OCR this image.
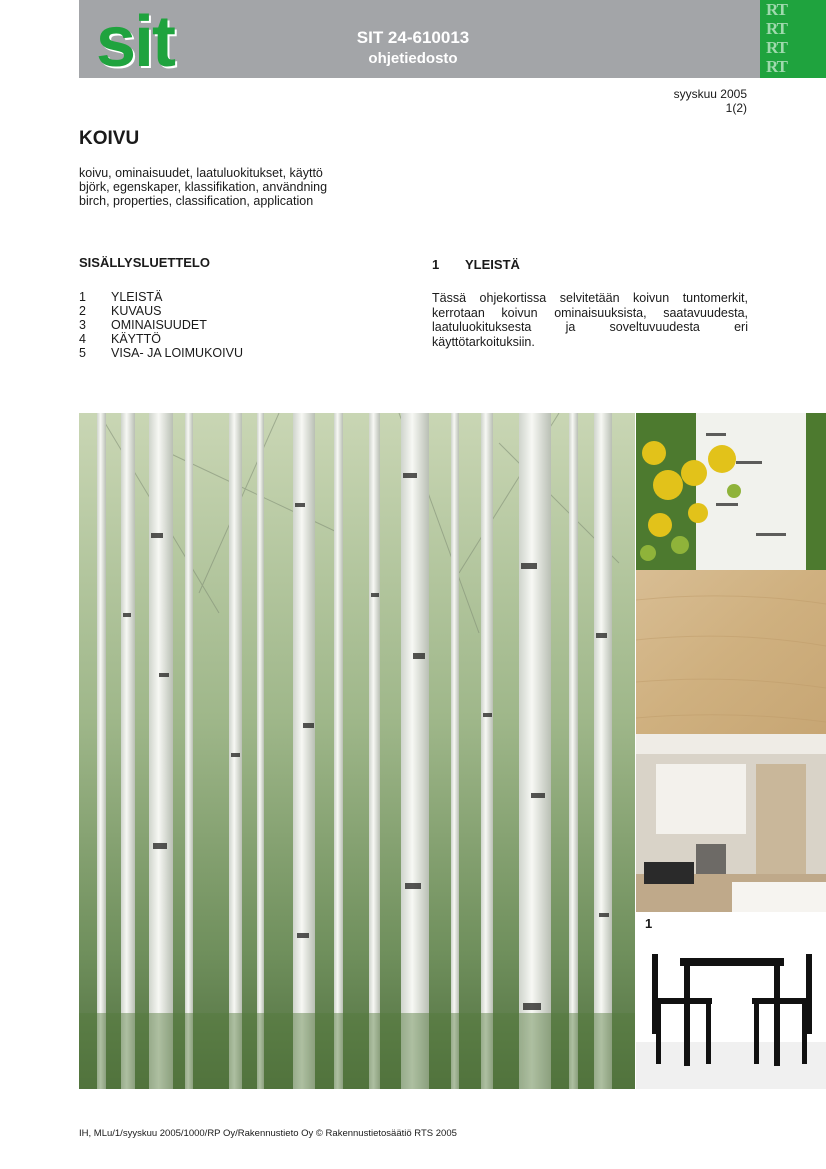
sit	SIT 24-610013
ohjetiedosto
RT
RT
RT
RT
syyskuu 2005
1(2)
KOIVU
koivu, ominaisuudet, laatuluokitukset, käyttö
björk, egenskaper, klassifikation, användning
birch, properties, classification, application
SISÄLLYSLUETTELO
1 YLEISTÄ
2 KUVAUS
3 OMINAISUUDET
4 KÄYTTÖ
5 VISA- JA LOIMUKOIVU
1 YLEISTÄ
Tässä ohjekortissa selvitetään koivun tuntomerkit, kerrotaan koivun ominaisuuksista, saatavuudesta, laatuluokituksesta ja soveltuvuudesta eri käyttötarkoituksiin.
1
IH, MLu/1/syyskuu 2005/1000/RP Oy/Rakennustieto Oy © Rakennustietosäätiö RTS 2005
